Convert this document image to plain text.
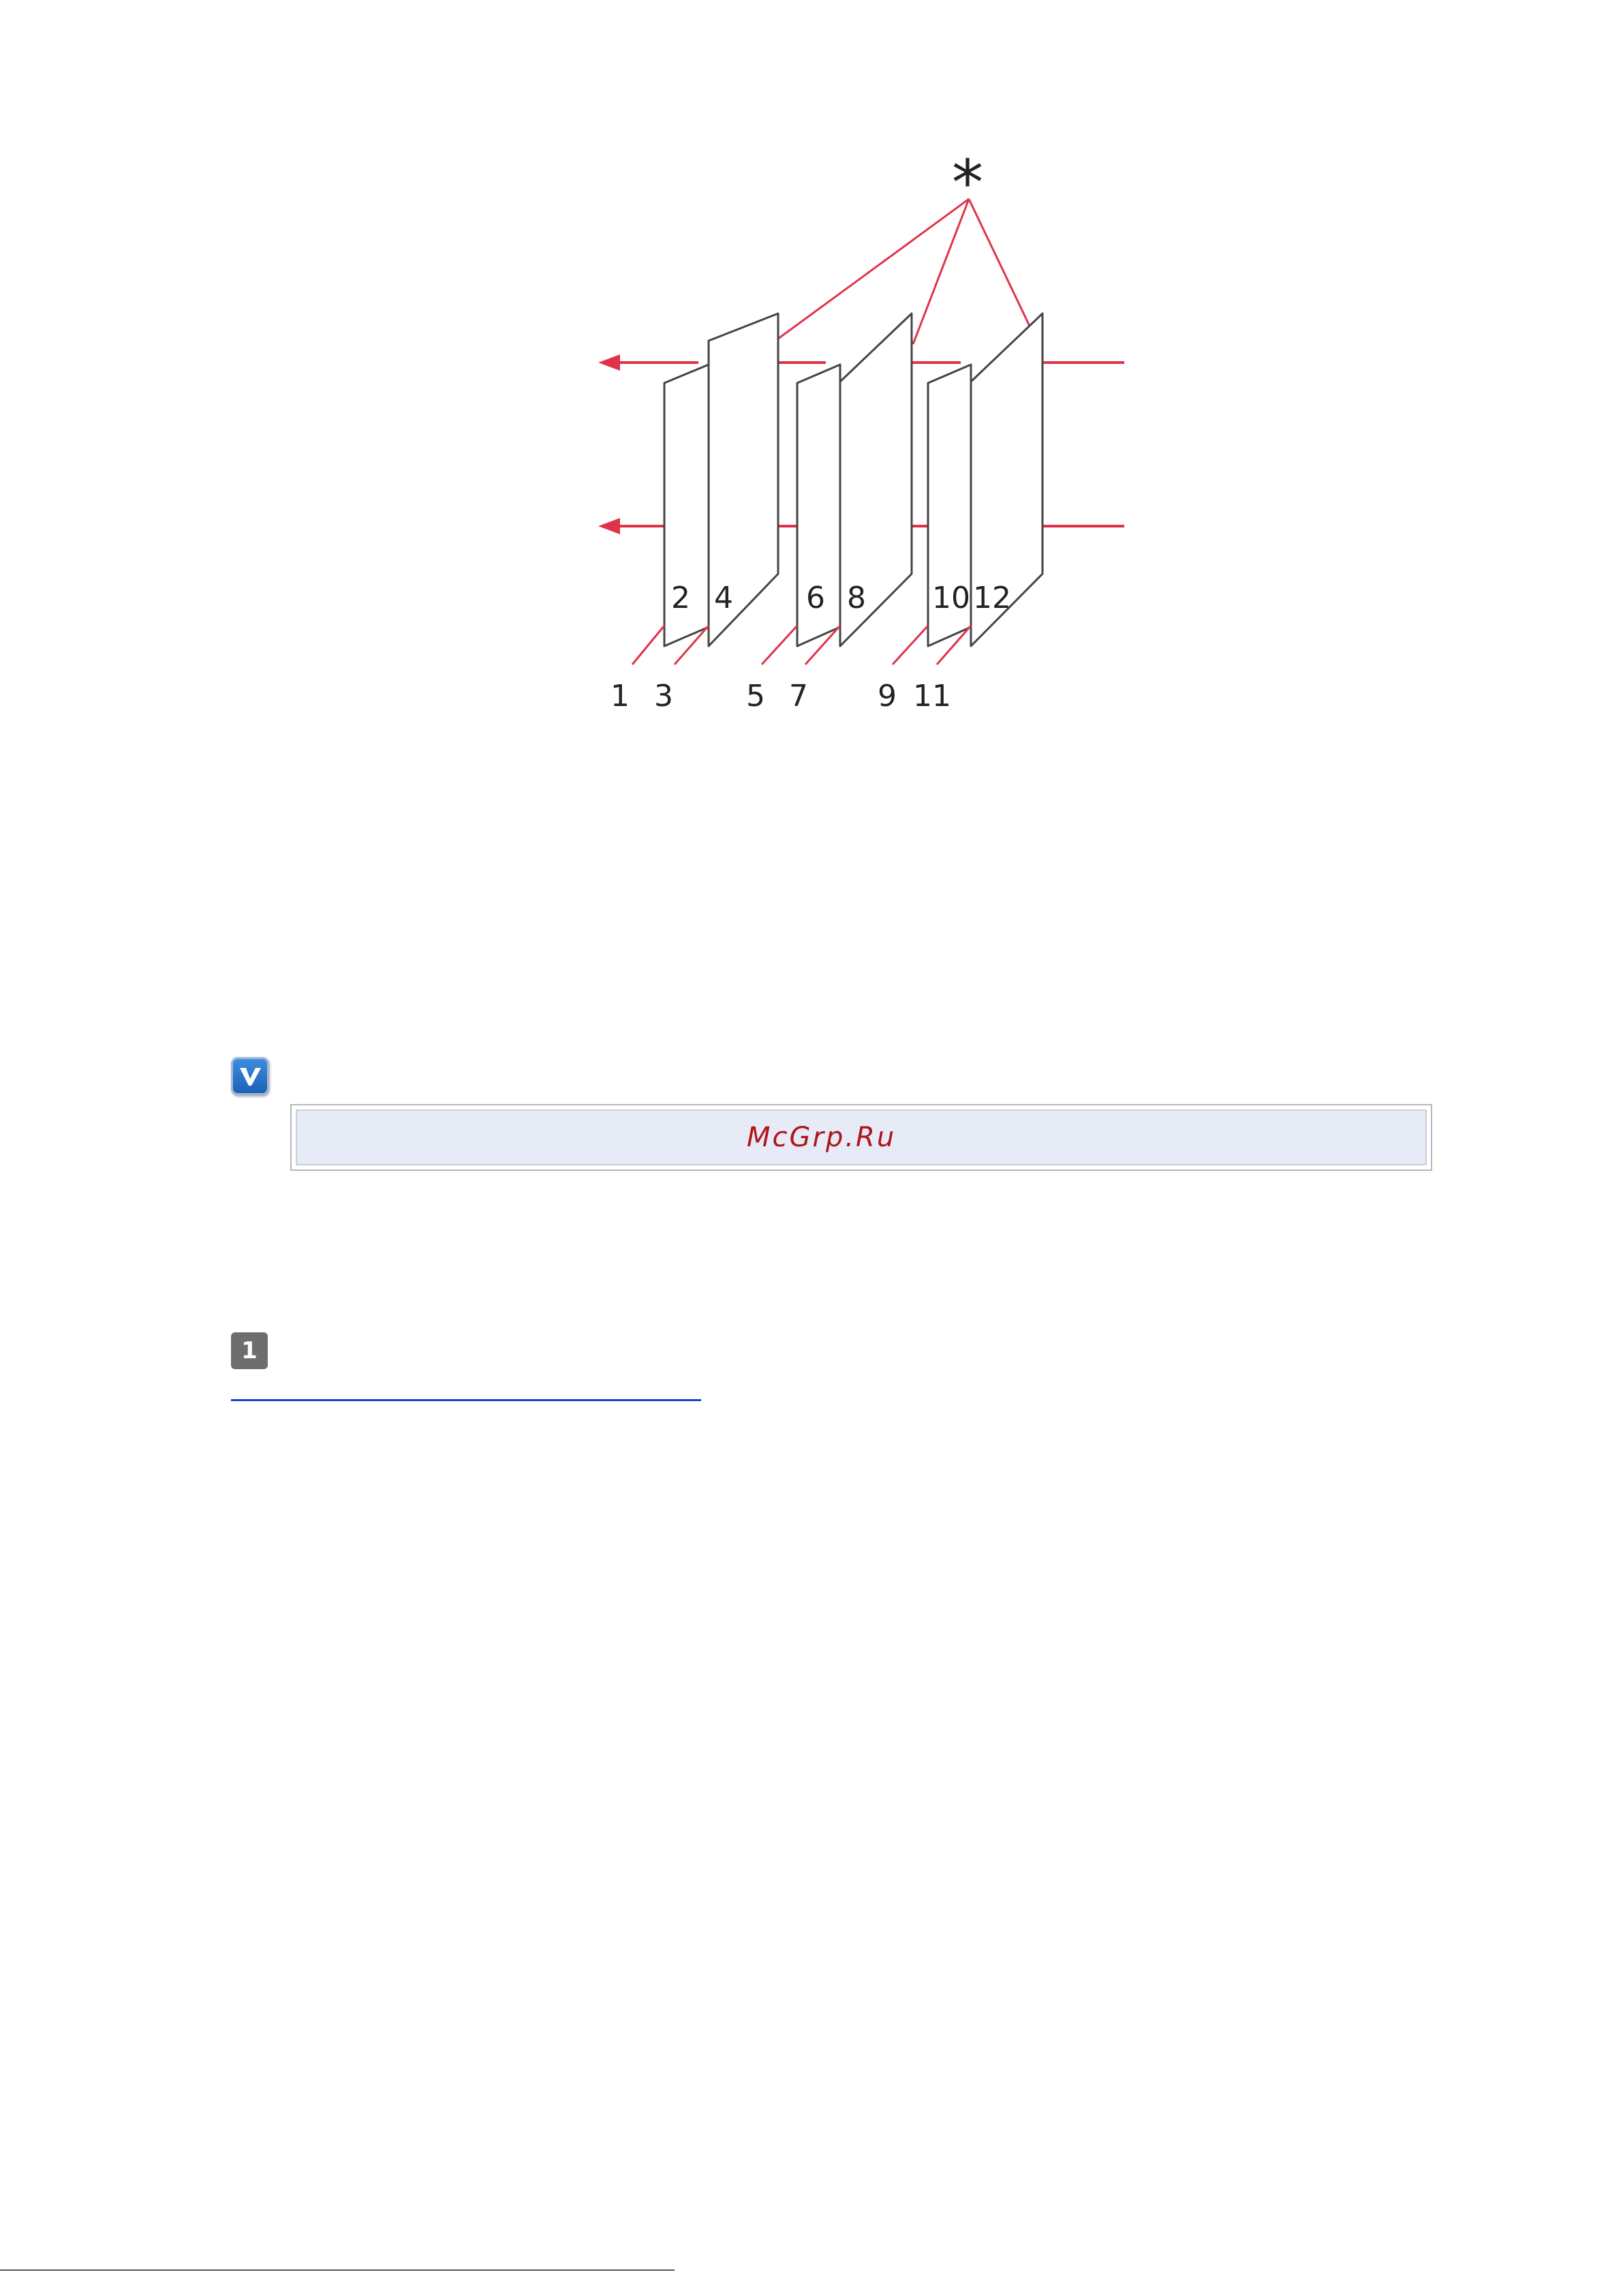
*
2 4 6 8 10 12
1 3 5 7 9 11
McGrp.Ru
1
